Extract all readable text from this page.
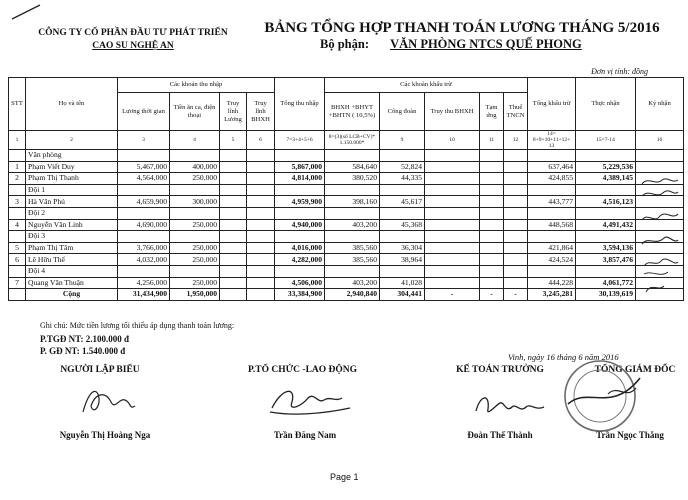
CÔNG TY CỔ PHẦN ĐẦU TƯ PHÁT TRIỂN
CAO SU NGHỆ AN
BẢNG TỔNG HỢP THANH TOÁN LƯƠNG THÁNG 5/2016
Bộ phận: VĂN PHÒNG NTCS QUẾ PHONG
Đơn vị tính: đồng
STT	Họ và tên	Các khoản thu nhập				Tổng thu nhập	Các khoản khấu trừ					Tổng khấu trừ	Thực nhận	Ký nhận
		Lương thời gian	Tiền ăn ca, điện thoại	Truy lĩnh Lương	Truy lĩnh BHXH		BHXH +BHYT +BHTN ( 10,5%)	Công đoàn	Truy thu BHXH	Tạm ứng	Thuế TNCN			
1	2	3	4	5	6	7=3+4+5+6	8=(3)(số LCB+CV)* 1.150.000*	9	10	11	12	14= 8+9+10+11+12+ 13	15=7-14	16
	Văn phòng													
1	Phạm Viết Duy	5,467,000	400,000			5,867,000	584,640	52,824				637,464	5,229,536	
2	Phạm Thị Thanh	4,564,000	250,000			4,814,000	380,520	44,335				424,855	4,389,145	
	Đội 1													
3	Hà Văn Phú	4,659,900	300,000			4,959,900	398,160	45,617				443,777	4,516,123	
	Đội 2													
4	Nguyễn Văn Linh	4,690,000	250,000			4,940,000	403,200	45,368				448,568	4,491,432	
	Đội 3													
5	Phạm Thị Tâm	3,766,000	250,000			4,016,000	385,560	36,304				421,864	3,594,136	
6	Lê Hữu Thế	4,032,000	250,000			4,282,000	385,560	38,964				424,524	3,857,476	
	Đội 4													
7	Quang Văn Thuận	4,256,000	250,000			4,506,000	403,200	41,028				444,228	4,061,772	
	Cộng	31,434,900	1,950,000			33,384,900	2,940,840	304,441	-	-	-	3,245,281	30,139,619	
Ghi chú: Mức tiền lương tối thiểu áp dụng thanh toán lương:
P.TGĐ NT: 2.100.000 đ
P. GĐ NT: 1.540.000 đ
Vinh, ngày 16 tháng 6 năm 2016
NGƯỜI LẬP BIỂU	P.TỔ CHỨC -LAO ĐỘNG	KẾ TOÁN TRƯỞNG	TỔNG GIÁM ĐỐC
Nguyễn Thị Hoàng Nga	Trần Đăng Nam	Đoàn Thế Thành	Trần Ngọc Thắng
Page 1
